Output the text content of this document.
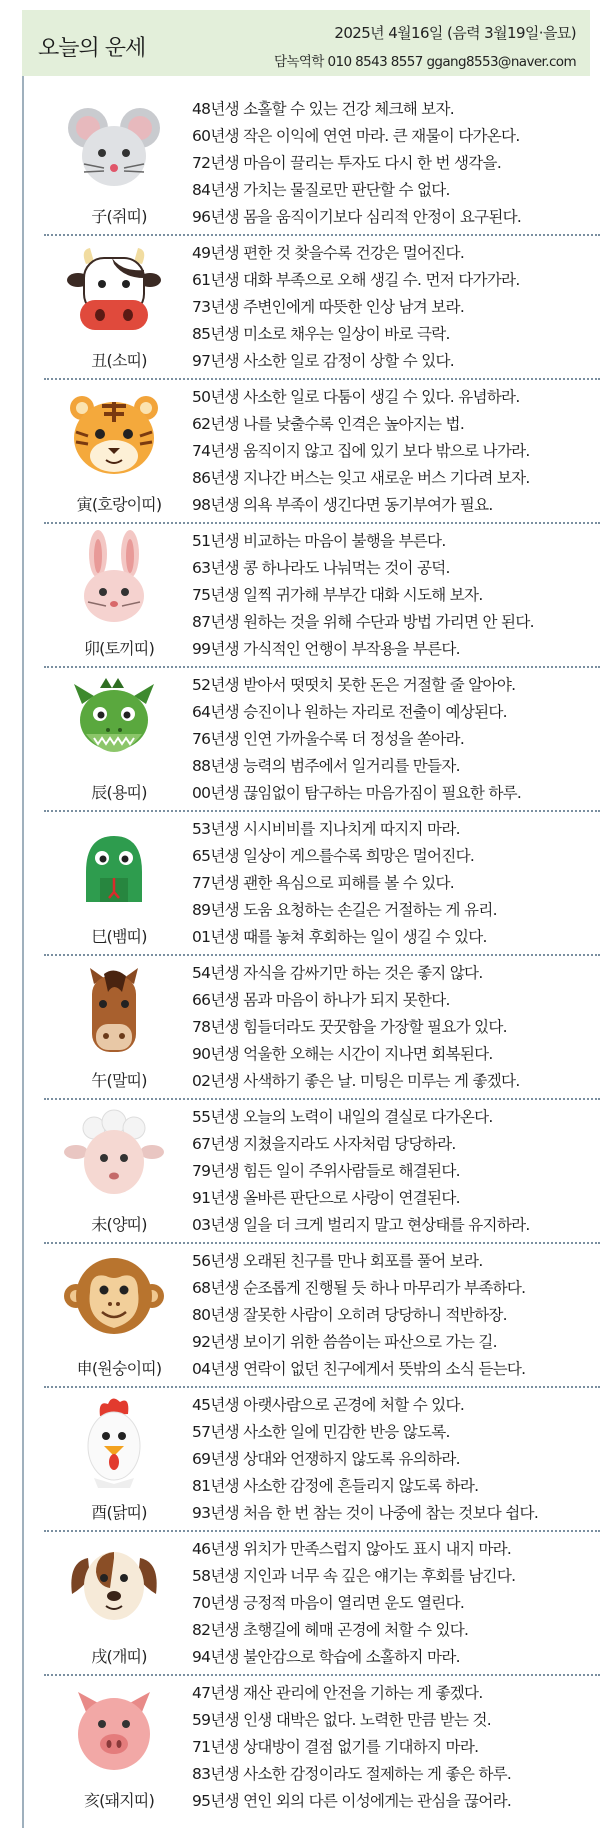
오늘의 운세
2025년 4월16일 (음력 3월19일·을묘)
담녹역학 010 8543 8557 ggang8553@naver.com
子(쥐띠)
48년생 소홀할 수 있는 건강 체크해 보자.
60년생 작은 이익에 연연 마라. 큰 재물이 다가온다.
72년생 마음이 끌리는 투자도 다시 한 번 생각을.
84년생 가치는 물질로만 판단할 수 없다.
96년생 몸을 움직이기보다 심리적 안정이 요구된다.
丑(소띠)
49년생 편한 것 찾을수록 건강은 멀어진다.
61년생 대화 부족으로 오해 생길 수. 먼저 다가가라.
73년생 주변인에게 따뜻한 인상 남겨 보라.
85년생 미소로 채우는 일상이 바로 극락.
97년생 사소한 일로 감정이 상할 수 있다.
寅(호랑이띠)
50년생 사소한 일로 다툼이 생길 수 있다. 유념하라.
62년생 나를 낮출수록 인격은 높아지는 법.
74년생 움직이지 않고 집에 있기 보다 밖으로 나가라.
86년생 지나간 버스는 잊고 새로운 버스 기다려 보자.
98년생 의욕 부족이 생긴다면 동기부여가 필요.
卯(토끼띠)
51년생 비교하는 마음이 불행을 부른다.
63년생 콩 하나라도 나눠먹는 것이 공덕.
75년생 일찍 귀가해 부부간 대화 시도해 보자.
87년생 원하는 것을 위해 수단과 방법 가리면 안 된다.
99년생 가식적인 언행이 부작용을 부른다.
辰(용띠)
52년생 받아서 떳떳치 못한 돈은 거절할 줄 알아야.
64년생 승진이나 원하는 자리로 전출이 예상된다.
76년생 인연 가까울수록 더 정성을 쏟아라.
88년생 능력의 범주에서 일거리를 만들자.
00년생 끊임없이 탐구하는 마음가짐이 필요한 하루.
巳(뱀띠)
53년생 시시비비를 지나치게 따지지 마라.
65년생 일상이 게으를수록 희망은 멀어진다.
77년생 괜한 욕심으로 피해를 볼 수 있다.
89년생 도움 요청하는 손길은 거절하는 게 유리.
01년생 때를 놓쳐 후회하는 일이 생길 수 있다.
午(말띠)
54년생 자식을 감싸기만 하는 것은 좋지 않다.
66년생 몸과 마음이 하나가 되지 못한다.
78년생 힘들더라도 꿋꿋함을 가장할 필요가 있다.
90년생 억울한 오해는 시간이 지나면 회복된다.
02년생 사색하기 좋은 날. 미팅은 미루는 게 좋겠다.
未(양띠)
55년생 오늘의 노력이 내일의 결실로 다가온다.
67년생 지쳤을지라도 사자처럼 당당하라.
79년생 힘든 일이 주위사람들로 해결된다.
91년생 올바른 판단으로 사랑이 연결된다.
03년생 일을 더 크게 벌리지 말고 현상태를 유지하라.
申(원숭이띠)
56년생 오래된 친구를 만나 회포를 풀어 보라.
68년생 순조롭게 진행될 듯 하나 마무리가 부족하다.
80년생 잘못한 사람이 오히려 당당하니 적반하장.
92년생 보이기 위한 씀씀이는 파산으로 가는 길.
04년생 연락이 없던 친구에게서 뜻밖의 소식 듣는다.
酉(닭띠)
45년생 아랫사람으로 곤경에 처할 수 있다.
57년생 사소한 일에 민감한 반응 않도록.
69년생 상대와 언쟁하지 않도록 유의하라.
81년생 사소한 감정에 흔들리지 않도록 하라.
93년생 처음 한 번 참는 것이 나중에 참는 것보다 쉽다.
戌(개띠)
46년생 위치가 만족스럽지 않아도 표시 내지 마라.
58년생 지인과 너무 속 깊은 얘기는 후회를 남긴다.
70년생 긍정적 마음이 열리면 운도 열린다.
82년생 초행길에 헤매 곤경에 처할 수 있다.
94년생 불안감으로 학습에 소홀하지 마라.
亥(돼지띠)
47년생 재산 관리에 안전을 기하는 게 좋겠다.
59년생 인생 대박은 없다. 노력한 만큼 받는 것.
71년생 상대방이 결점 없기를 기대하지 마라.
83년생 사소한 감정이라도 절제하는 게 좋은 하루.
95년생 연인 외의 다른 이성에게는 관심을 끊어라.
